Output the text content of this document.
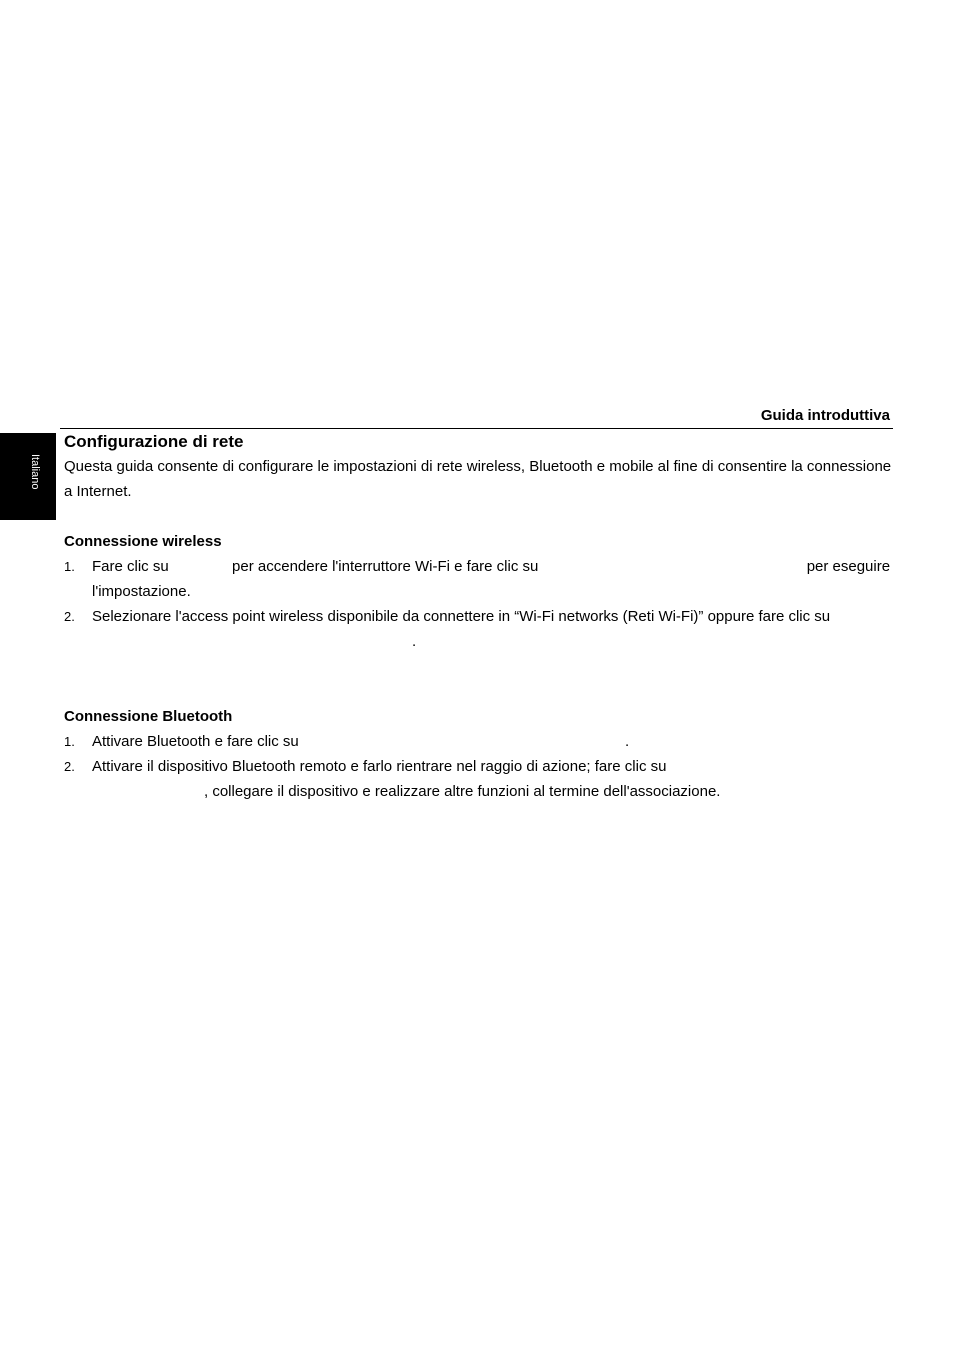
Italiano
Guida introduttiva
Configurazione di rete

Questa guida consente di configurare le impostazioni di rete wireless, Bluetooth e mobile al fine di consentire la connessione a Internet.

Connessione wireless

1. Fare clic su	per accendere l'interruttore Wi-Fi e fare clic su	per eseguire l'impostazione.
2. Selezionare l'access point wireless disponibile da connettere in “Wi-Fi networks (Reti Wi-Fi)” oppure fare clic su .

Connessione Bluetooth

1. Attivare Bluetooth e fare clic su	.
2. Attivare il dispositivo Bluetooth remoto e farlo rientrare nel raggio di azione; fare clic su
, collegare il dispositivo e realizzare altre funzioni al termine dell'associazione.
